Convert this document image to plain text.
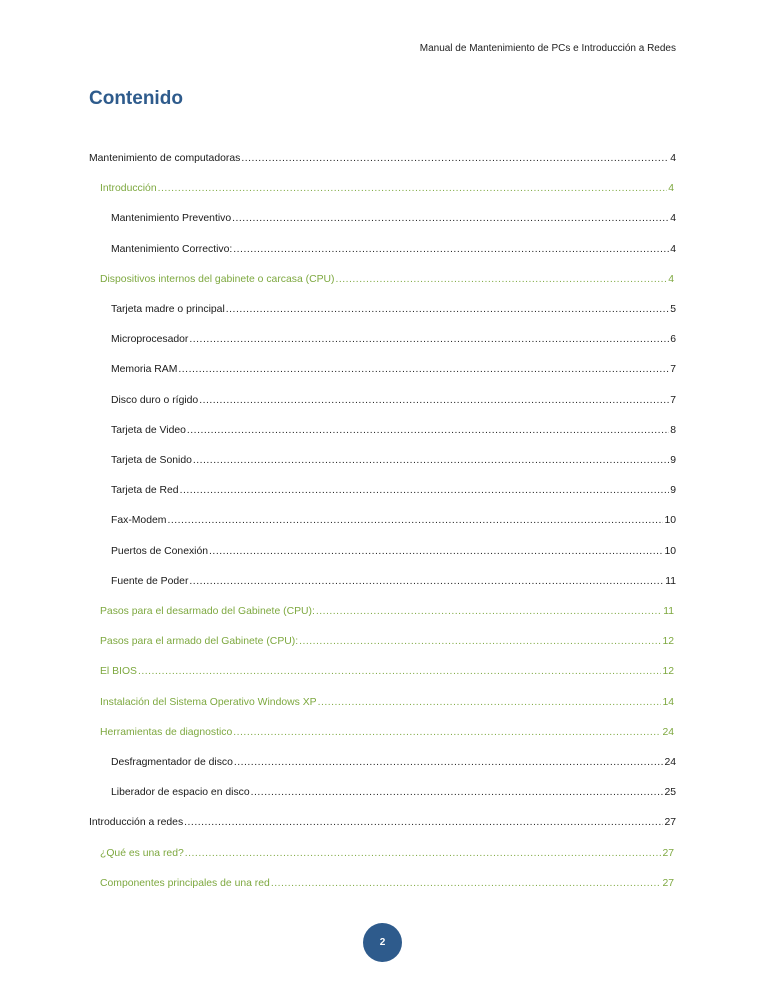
Manual de Mantenimiento de PCs e Introducción a Redes
Contenido
Mantenimiento de computadoras .....	4
Introducción .....	4
Mantenimiento Preventivo .....	4
Mantenimiento Correctivo: .....	4
Dispositivos internos del gabinete o carcasa (CPU) .....	4
Tarjeta madre o principal .....	5
Microprocesador .....	6
Memoria RAM .....	7
Disco duro o rígido .....	7
Tarjeta de Video .....	8
Tarjeta de Sonido .....	9
Tarjeta de Red .....	9
Fax-Modem .....	10
Puertos de Conexión .....	10
Fuente de Poder .....	11
Pasos para el desarmado del Gabinete (CPU): .....	11
Pasos para el armado del Gabinete (CPU): .....	12
El BIOS .....	12
Instalación del Sistema Operativo Windows XP .....	14
Herramientas de diagnostico .....	24
Desfragmentador de disco .....	24
Liberador de espacio en disco .....	25
Introducción a redes .....	27
¿Qué es una red? .....	27
Componentes principales de una red .....	27
2
